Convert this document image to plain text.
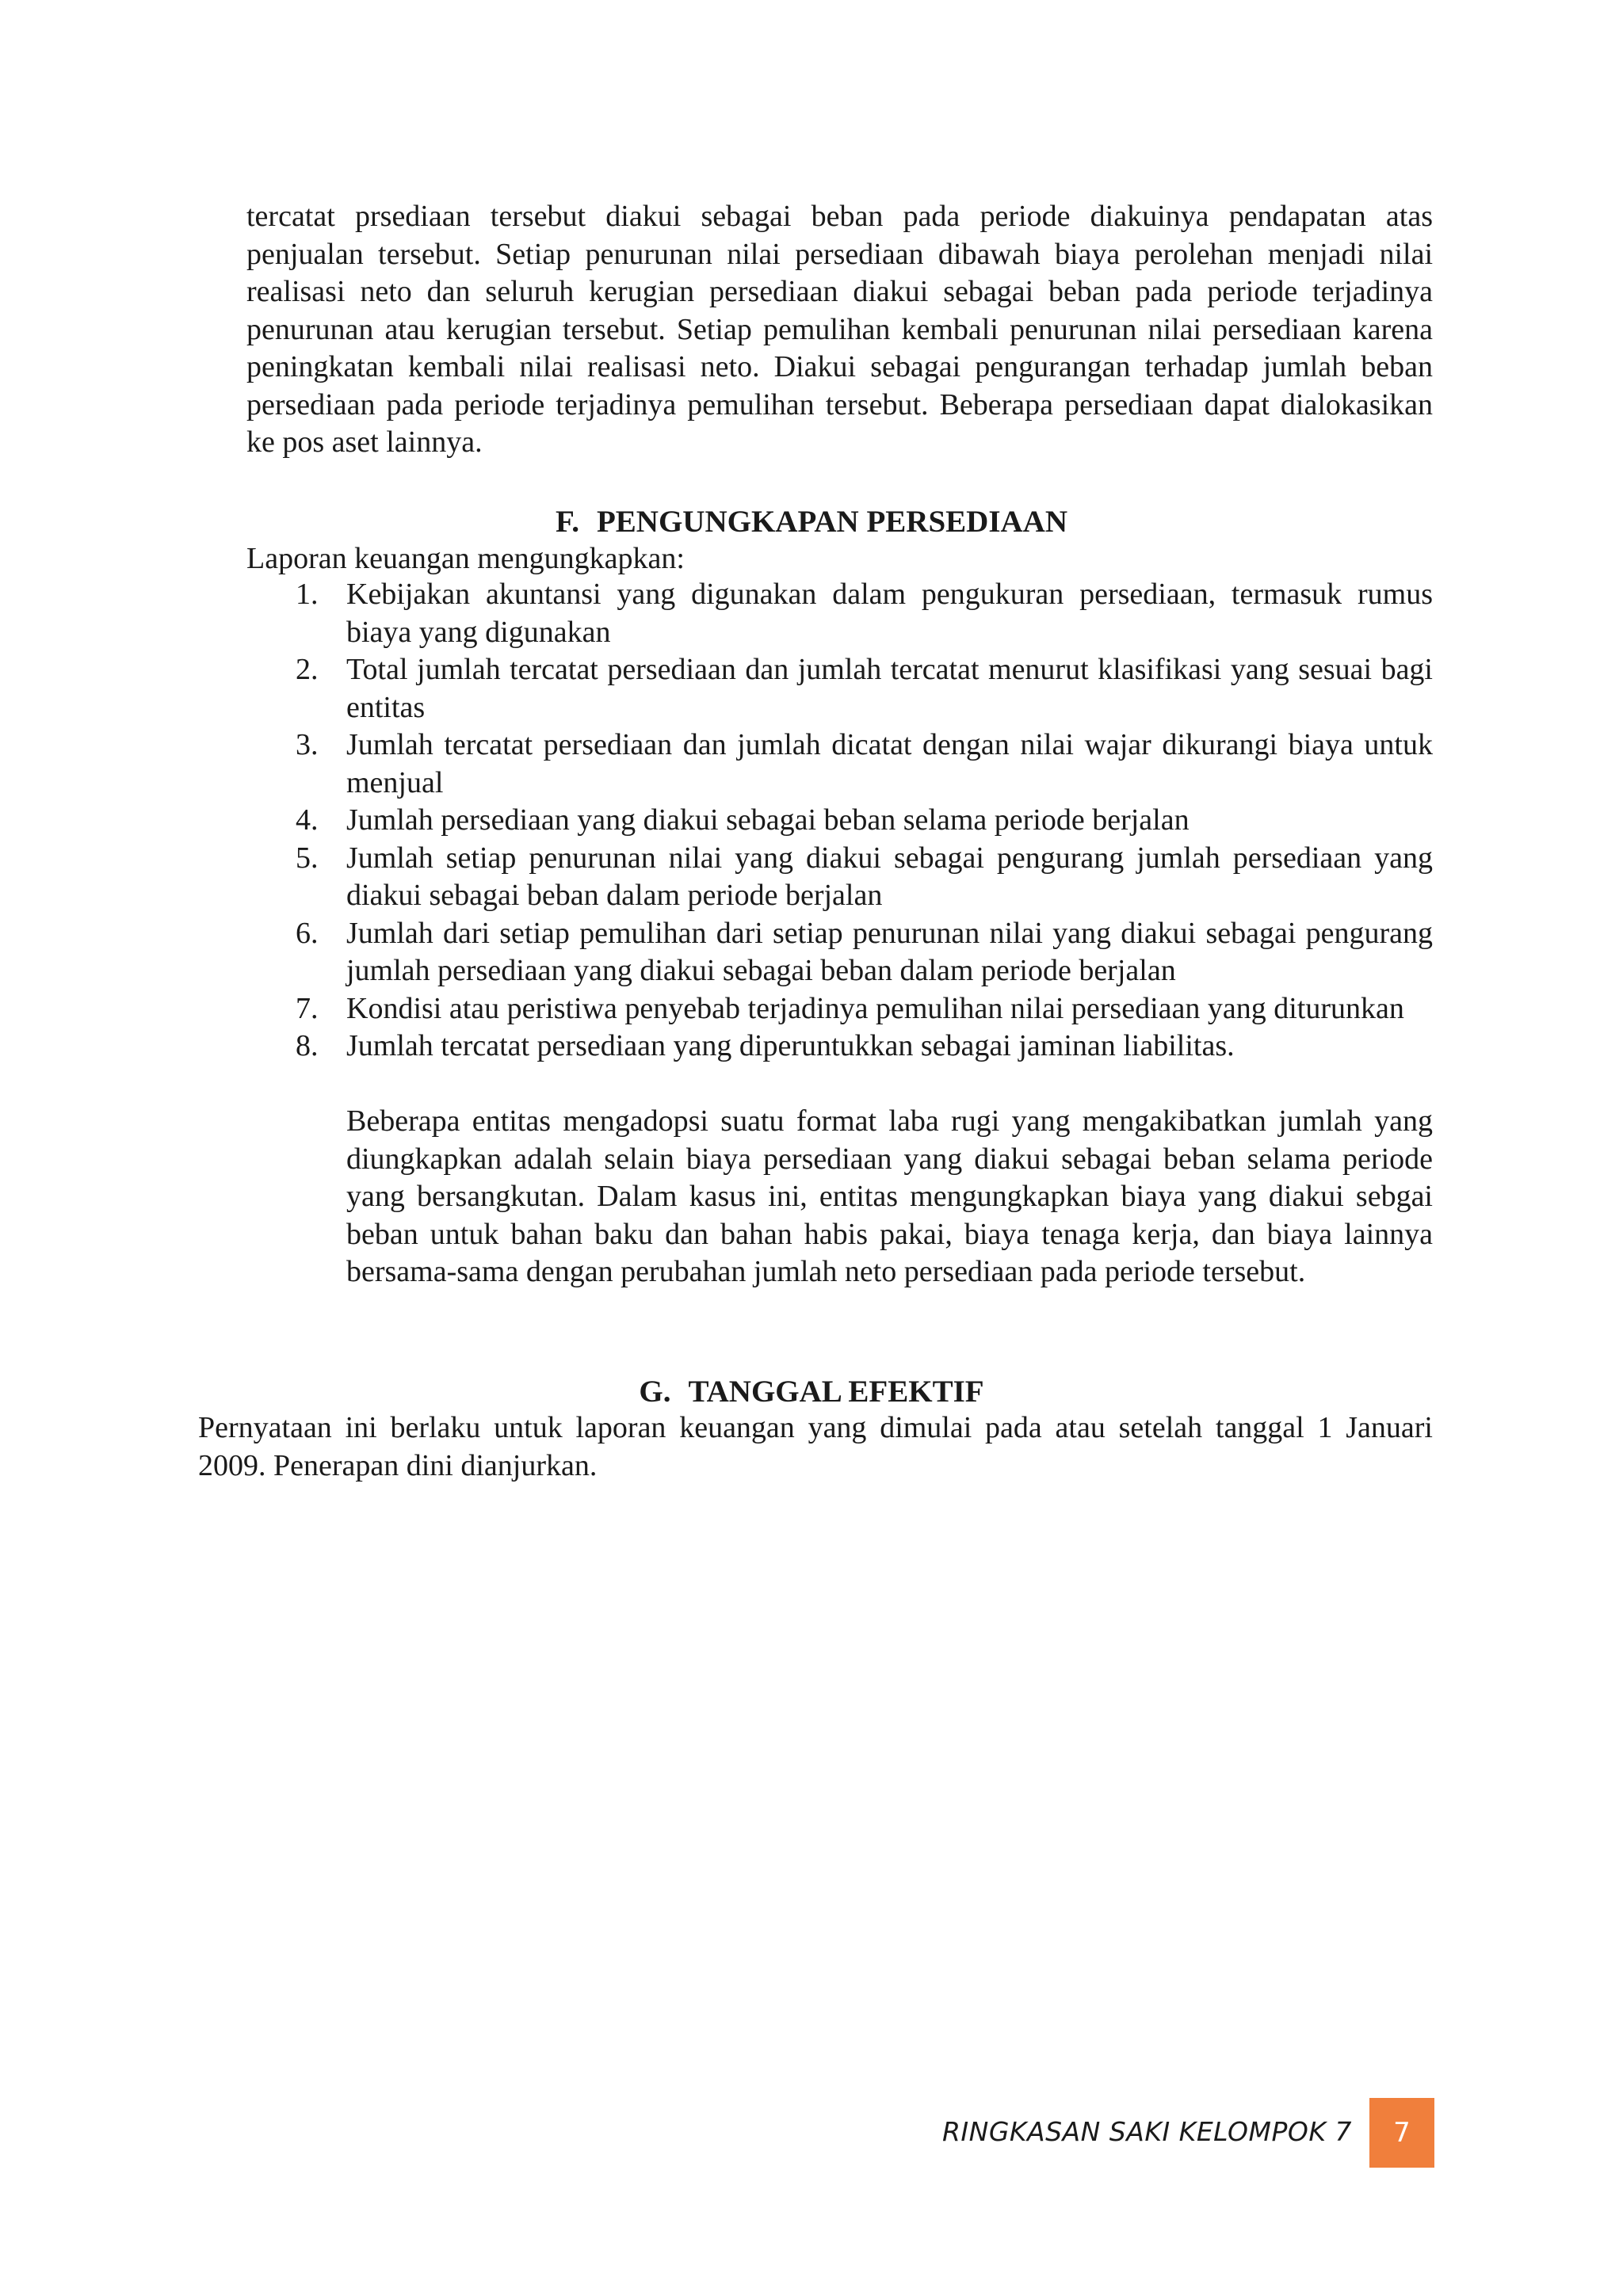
tercatat prsediaan tersebut diakui sebagai beban pada periode diakuinya pendapatan atas penjualan tersebut. Setiap penurunan nilai persediaan dibawah biaya perolehan menjadi nilai realisasi neto dan seluruh kerugian persediaan diakui sebagai beban pada periode terjadinya penurunan atau kerugian tersebut. Setiap pemulihan kembali penurunan nilai persediaan karena peningkatan kembali nilai realisasi neto. Diakui sebagai pengurangan terhadap jumlah beban persediaan pada periode terjadinya pemulihan tersebut. Beberapa persediaan dapat dialokasikan ke pos aset lainnya.

F. PENGUNGKAPAN PERSEDIAAN

Laporan keuangan mengungkapkan:

1. Kebijakan akuntansi yang digunakan dalam pengukuran persediaan, termasuk rumus biaya yang digunakan
2. Total jumlah tercatat persediaan dan jumlah tercatat menurut klasifikasi yang sesuai bagi entitas
3. Jumlah tercatat persediaan dan jumlah dicatat dengan nilai wajar dikurangi biaya untuk menjual
4. Jumlah persediaan yang diakui sebagai beban selama periode berjalan
5. Jumlah setiap penurunan nilai yang diakui sebagai pengurang jumlah persediaan yang diakui sebagai beban dalam periode berjalan
6. Jumlah dari setiap pemulihan dari setiap penurunan nilai yang diakui sebagai pengurang jumlah persediaan yang diakui sebagai beban dalam periode berjalan
7. Kondisi atau peristiwa penyebab terjadinya pemulihan nilai persediaan yang diturunkan
8. Jumlah tercatat persediaan yang diperuntukkan sebagai jaminan liabilitas.

Beberapa entitas mengadopsi suatu format laba rugi yang mengakibatkan jumlah yang diungkapkan adalah selain biaya persediaan yang diakui sebagai beban selama periode yang bersangkutan. Dalam kasus ini, entitas mengungkapkan biaya yang diakui sebgai beban untuk bahan baku dan bahan habis pakai, biaya tenaga kerja, dan biaya lainnya bersama-sama dengan perubahan jumlah neto persediaan pada periode tersebut.

G. TANGGAL EFEKTIF

Pernyataan ini berlaku untuk laporan keuangan yang dimulai pada atau setelah tanggal 1 Januari 2009. Penerapan dini dianjurkan.

RINGKASAN SAKI KELOMPOK 7	7
